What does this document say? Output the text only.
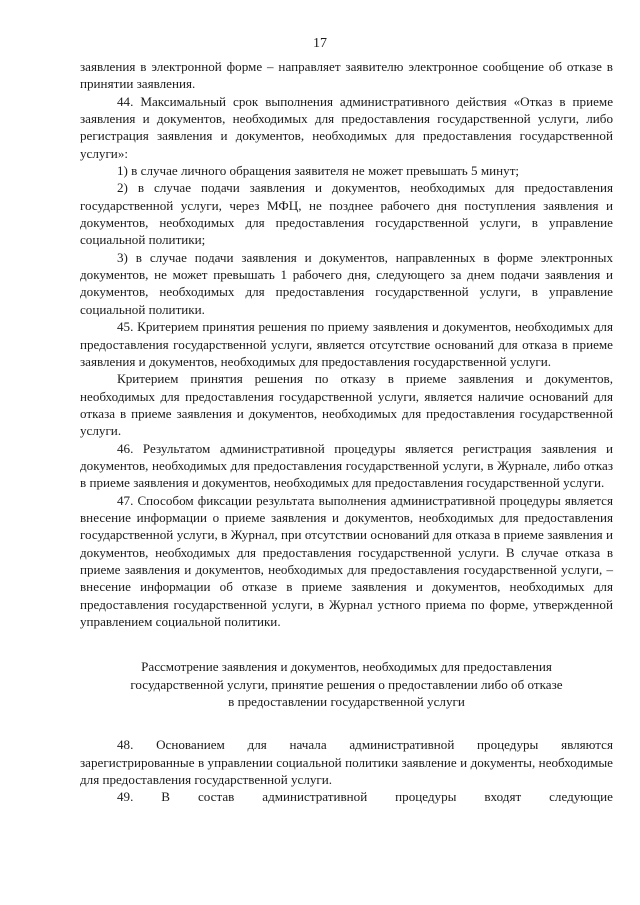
17

заявления в электронной форме – направляет заявителю электронное сообщение об отказе в принятии заявления.

44. Максимальный срок выполнения административного действия «Отказ в приеме заявления и документов, необходимых для предоставления государственной услуги, либо регистрация заявления и документов, необходимых для предоставления государственной услуги»:

1) в случае личного обращения заявителя не может превышать 5 минут;

2) в случае подачи заявления и документов, необходимых для предоставления государственной услуги, через МФЦ, не позднее рабочего дня поступления заявления и документов, необходимых для предоставления государственной услуги, в управление социальной политики;

3) в случае подачи заявления и документов, направленных в форме электронных документов, не может превышать 1 рабочего дня, следующего за днем подачи заявления и документов, необходимых для предоставления государственной услуги, в управление социальной политики.

45. Критерием принятия решения по приему заявления и документов, необходимых для предоставления государственной услуги, является отсутствие оснований для отказа в приеме заявления и документов, необходимых для предоставления государственной услуги.

Критерием принятия решения по отказу в приеме заявления и документов, необходимых для предоставления государственной услуги, является наличие оснований для отказа в приеме заявления и документов, необходимых для предоставления государственной услуги.

46. Результатом административной процедуры является регистрация заявления и документов, необходимых для предоставления государственной услуги, в Журнале, либо отказ в приеме заявления и документов, необходимых для предоставления государственной услуги.

47. Способом фиксации результата выполнения административной процедуры является внесение информации о приеме заявления и документов, необходимых для предоставления государственной услуги, в Журнал, при отсутствии оснований для отказа в приеме заявления и документов, необходимых для предоставления государственной услуги. В случае отказа в приеме заявления и документов, необходимых для предоставления государственной услуги, – внесение информации об отказе в приеме заявления и документов, необходимых для предоставления государственной услуги, в Журнал устного приема по форме, утвержденной управлением социальной политики.

Рассмотрение заявления и документов, необходимых для предоставления
государственной услуги, принятие решения о предоставлении либо об отказе
в предоставлении государственной услуги

48. Основанием для начала административной процедуры являются зарегистрированные в управлении социальной политики заявление и документы, необходимые для предоставления государственной услуги.

49. В состав административной процедуры входят следующие
